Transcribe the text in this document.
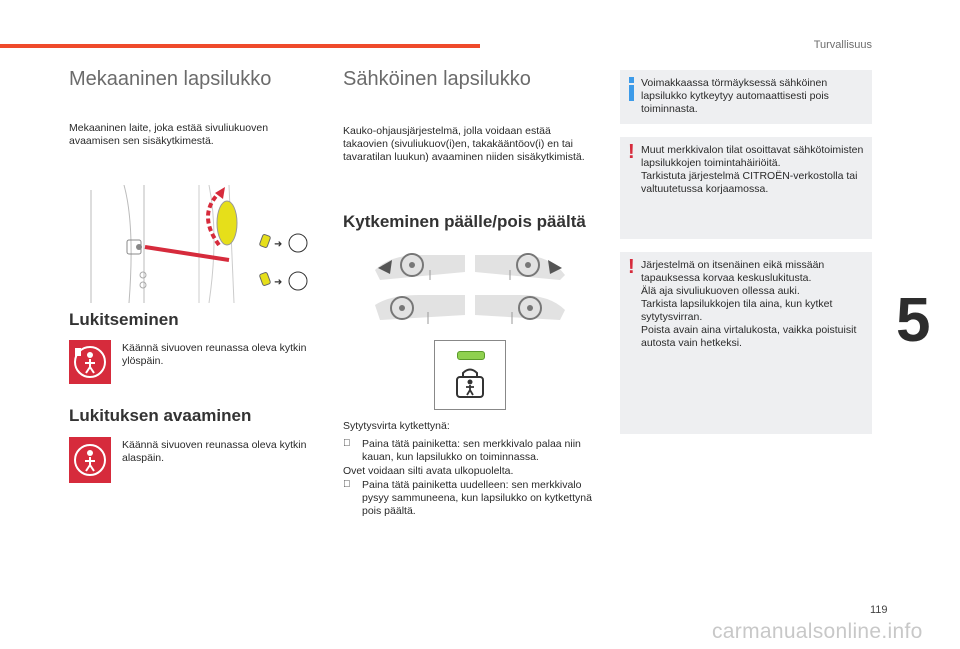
Turvallisuus
Mekaaninen lapsilukko
Mekaaninen laite, joka estää sivuliukuoven avaamisen sen sisäkytkimestä.
➜
➜
Lukitseminen
Käännä sivuoven reunassa oleva kytkin ylöspäin.
Lukituksen avaaminen
Käännä sivuoven reunassa oleva kytkin alaspäin.
Sähköinen lapsilukko
Kauko-ohjausjärjestelmä, jolla voidaan estää takaovien (sivuliukuov(i)en, takakääntöov(i) en tai tavaratilan luukun) avaaminen niiden sisäkytkimistä.
Kytkeminen päälle/pois päältä
Sytytysvirta kytkettynä:
Paina tätä painiketta: sen merkkivalo palaa niin kauan, kun lapsilukko on toiminnassa.
Ovet voidaan silti avata ulkopuolelta.
Paina tätä painiketta uudelleen: sen merkkivalo pysyy sammuneena, kun lapsilukko on kytkettynä pois päältä.
Voimakkaassa törmäyksessä sähköinen lapsilukko kytkeytyy automaattisesti pois toiminnasta.
! Muut merkkivalon tilat osoittavat sähkötoimisten lapsilukkojen toimintahäiriöitä.
Tarkistuta järjestelmä CITROËN-verkostolla tai valtuutetussa korjaamossa.
! Järjestelmä on itsenäinen eikä missään tapauksessa korvaa keskuslukitusta.
Älä aja sivuliukuoven ollessa auki.
Tarkista lapsilukkojen tila aina, kun kytket sytytysvirran.
Poista avain aina virtalukosta, vaikka poistuisit autosta vain hetkeksi.	5
119
carmanualsonline.info
